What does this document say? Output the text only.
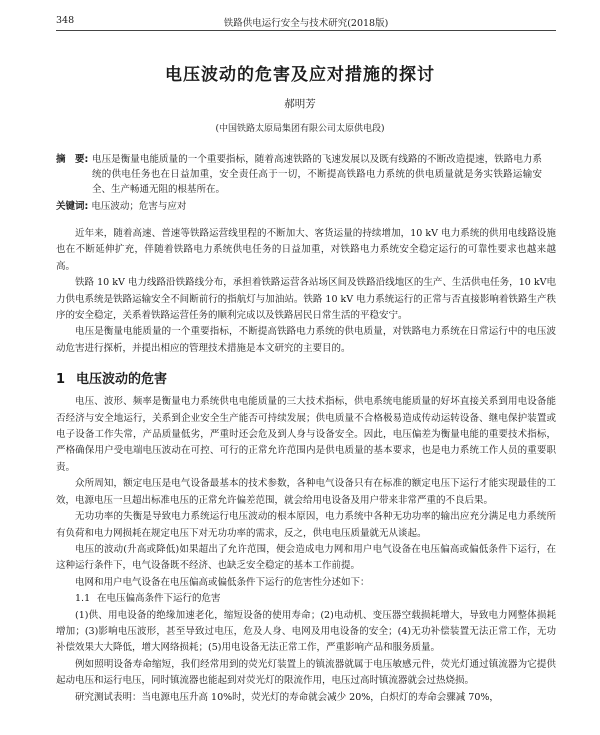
348	铁路供电运行安全与技术研究(2018版)
电压波动的危害及应对措施的探讨
郝明芳
(中国铁路太原局集团有限公司太原供电段)
摘　要: 电压是衡量电能质量的一个重要指标，随着高速铁路的飞速发展以及既有线路的不断改造提速，铁路电力系统的供电任务也在日益加重，安全责任高于一切，不断提高铁路电力系统的供电质量就是务实铁路运输安全、生产畅通无阻的根基所在。
关键词: 电压波动；危害与应对

近年来，随着高速、普速等铁路运营线里程的不断加大、客货运量的持续增加，10 kV 电力系统的供用电线路设施也在不断延伸扩充，伴随着铁路电力系统供电任务的日益加重，对铁路电力系统安全稳定运行的可靠性要求也越来越高。

铁路 10 kV 电力线路沿铁路线分布，承担着铁路运营各站场区间及铁路沿线地区的生产、生活供电任务，10 kV电力供电系统是铁路运输安全不间断前行的指航灯与加油站。铁路 10 kV 电力系统运行的正常与否直接影响着铁路生产秩序的安全稳定，关系着铁路运营任务的顺利完成以及铁路居民日常生活的平稳安宁。

电压是衡量电能质量的一个重要指标，不断提高铁路电力系统的供电质量，对铁路电力系统在日常运行中的电压波动危害进行探析，并提出相应的管理技术措施是本文研究的主要目的。

1 电压波动的危害

电压、波形、频率是衡量电力系统供电电能质量的三大技术指标，供电系统电能质量的好坏直接关系到用电设备能否经济与安全地运行，关系到企业安全生产能否可持续发展；供电质量不合格极易造成传动运转设备、继电保护装置或电子设备工作失常，产品质量低劣，严重时还会危及到人身与设备安全。因此，电压偏差为衡量电能的重要技术指标，严格确保用户受电端电压波动在可控、可行的正常允许范围内是供电质量的基本要求，也是电力系统工作人员的重要职责。

众所周知，额定电压是电气设备最基本的技术参数，各种电气设备只有在标准的额定电压下运行才能实现最佳的工效，电源电压一旦超出标准电压的正常允许偏差范围，就会给用电设备及用户带来非常严重的不良后果。

无功功率的失衡是导致电力系统运行电压波动的根本原因，电力系统中各种无功功率的输出应充分满足电力系统所有负荷和电力网损耗在规定电压下对无功功率的需求，反之，供电电压质量就无从谈起。

电压的波动(升高或降低)如果超出了允许范围，便会造成电力网和用户电气设备在电压偏高或偏低条件下运行，在这种运行条件下，电气设备既不经济、也缺乏安全稳定的基本工作前提。

电网和用户电气设备在电压偏高或偏低条件下运行的危害性分述如下：

1.1 在电压偏高条件下运行的危害

(1)供、用电设备的绝缘加速老化，缩短设备的使用寿命；(2)电动机、变压器空载损耗增大，导致电力网整体损耗增加；(3)影响电压波形，甚至导致过电压，危及人身、电网及用电设备的安全；(4)无功补偿装置无法正常工作，无功补偿效果大大降低，增大网络损耗；(5)用电设备无法正常工作，严重影响产品和服务质量。

例如照明设备寿命缩短，我们经常用到的荧光灯装置上的镇流器就属于电压敏感元件，荧光灯通过镇流器为它提供起动电压和运行电压，同时镇流器也能起到对荧光灯的限流作用，电压过高时镇流器就会过热烧损。

研究测试表明：当电源电压升高 10%时，荧光灯的寿命就会减少 20%，白炽灯的寿命会骤减 70%，
